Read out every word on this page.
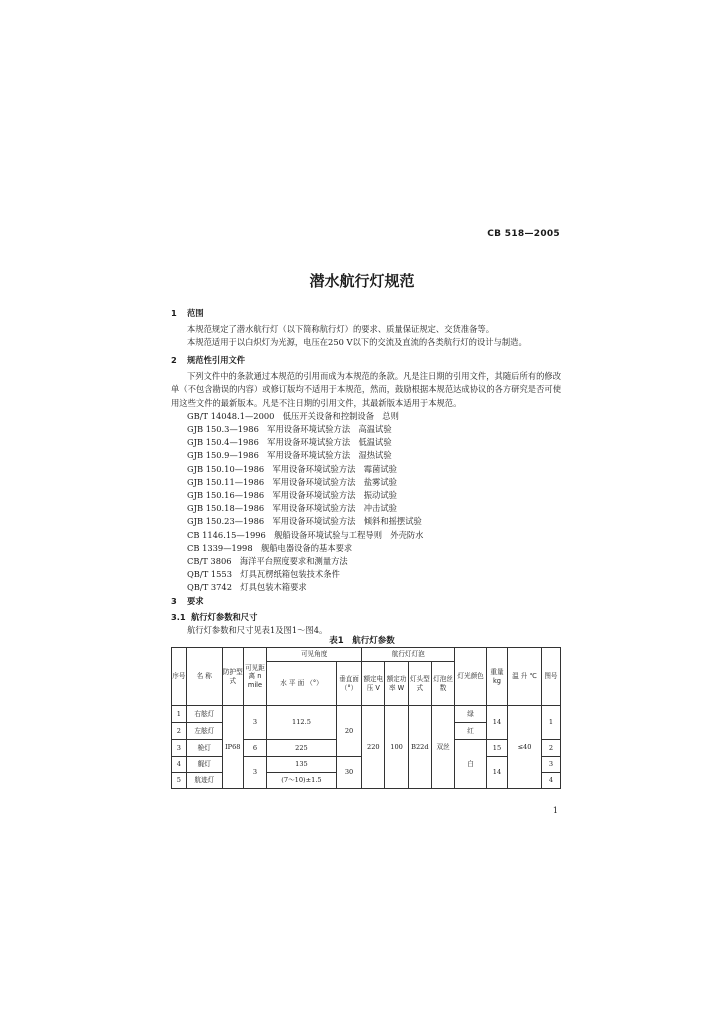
CB 518—2005
潜水航行灯规范
1 范围
本规范规定了潜水航行灯（以下简称航行灯）的要求、质量保证规定、交货准备等。
本规范适用于以白炽灯为光源，电压在250 V以下的交流及直流的各类航行灯的设计与制造。
2 规范性引用文件
下列文件中的条款通过本规范的引用而成为本规范的条款。凡是注日期的引用文件，其随后所有的修改单（不包含勘误的内容）或修订版均不适用于本规范，然而，鼓励根据本规范达成协议的各方研究是否可使用这些文件的最新版本。凡是不注日期的引用文件，其最新版本适用于本规范。
GB/T 14048.1—2000　 低压开关设备和控制设备　总则
GJB 150.3—1986　 军用设备环境试验方法　高温试验
GJB 150.4—1986　 军用设备环境试验方法　低温试验
GJB 150.9—1986　 军用设备环境试验方法　湿热试验
GJB 150.10—1986　 军用设备环境试验方法　霉菌试验
GJB 150.11—1986　 军用设备环境试验方法　盐雾试验
GJB 150.16—1986　 军用设备环境试验方法　振动试验
GJB 150.18—1986　 军用设备环境试验方法　冲击试验
GJB 150.23—1986　 军用设备环境试验方法　倾斜和摇摆试验
CB 1146.15—1996　 舰船设备环境试验与工程导则　外壳防水
CB 1339—1998　 舰船电器设备的基本要求
CB/T 3806　 海洋平台照度要求和测量方法
QB/T 1553　 灯具瓦楞纸箱包装技术条件
QB/T 3742　 灯具包装木箱要求
3 要求
3.1 航行灯参数和尺寸
航行灯参数和尺寸见表1及图1～图4。
表1　航行灯参数
序号	名 称	防护型式	可见距离 n mile	可见角度		航行灯灯泡				灯光颜色	重量 kg	温 升 ℃	图号
				水 平 面 （°）	垂直面 （°）	额定电压 V	额定功率 W	灯头型式	灯泡丝数				
1	右舷灯	IP68	3	112.5	20	220	100	B22d	双丝	绿	14	≤40	1
2	左舷灯									红			
3	桅灯		6	225						白	15		2
4	艉灯		3	135	30						14		3
5	航迹灯			(7～10)±1.5									4
1
